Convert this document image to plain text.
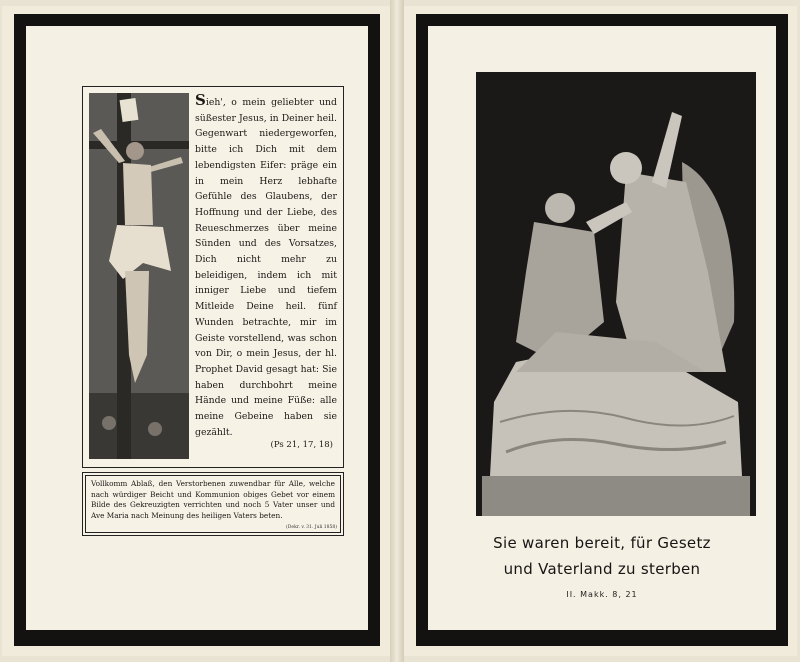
Sieh', o mein geliebter und süßester Jesus, in Deiner heil. Gegenwart niedergeworfen, bitte ich Dich mit dem lebendigsten Eifer: präge ein in mein Herz lebhafte Gefühle des Glaubens, der Hoffnung und der Liebe, des Reueschmerzes über meine Sünden und des Vorsatzes, Dich nicht mehr zu beleidigen, indem ich mit inniger Liebe und tiefem Mitleide Deine heil. fünf Wunden betrachte, mir im Geiste vorstellend, was schon von Dir, o mein Jesus, der hl. Prophet David gesagt hat: Sie haben durchbohrt meine Hände und meine Füße: alle meine Gebeine haben sie gezählt.
(Ps 21, 17, 18)
Vollkomm Ablaß, den Verstorbenen zuwendbar für Alle, welche nach würdiger Beicht und Kommunion obiges Gebet vor einem Bilde des Gekreuzigten verrichten und noch 5 Vater unser und Ave Maria nach Meinung des heiligen Vaters beten.
(Dekr. v. 31. Juli 1858)
Sie waren bereit, für Gesetz
und Vaterland zu sterben
II. Makk. 8, 21
